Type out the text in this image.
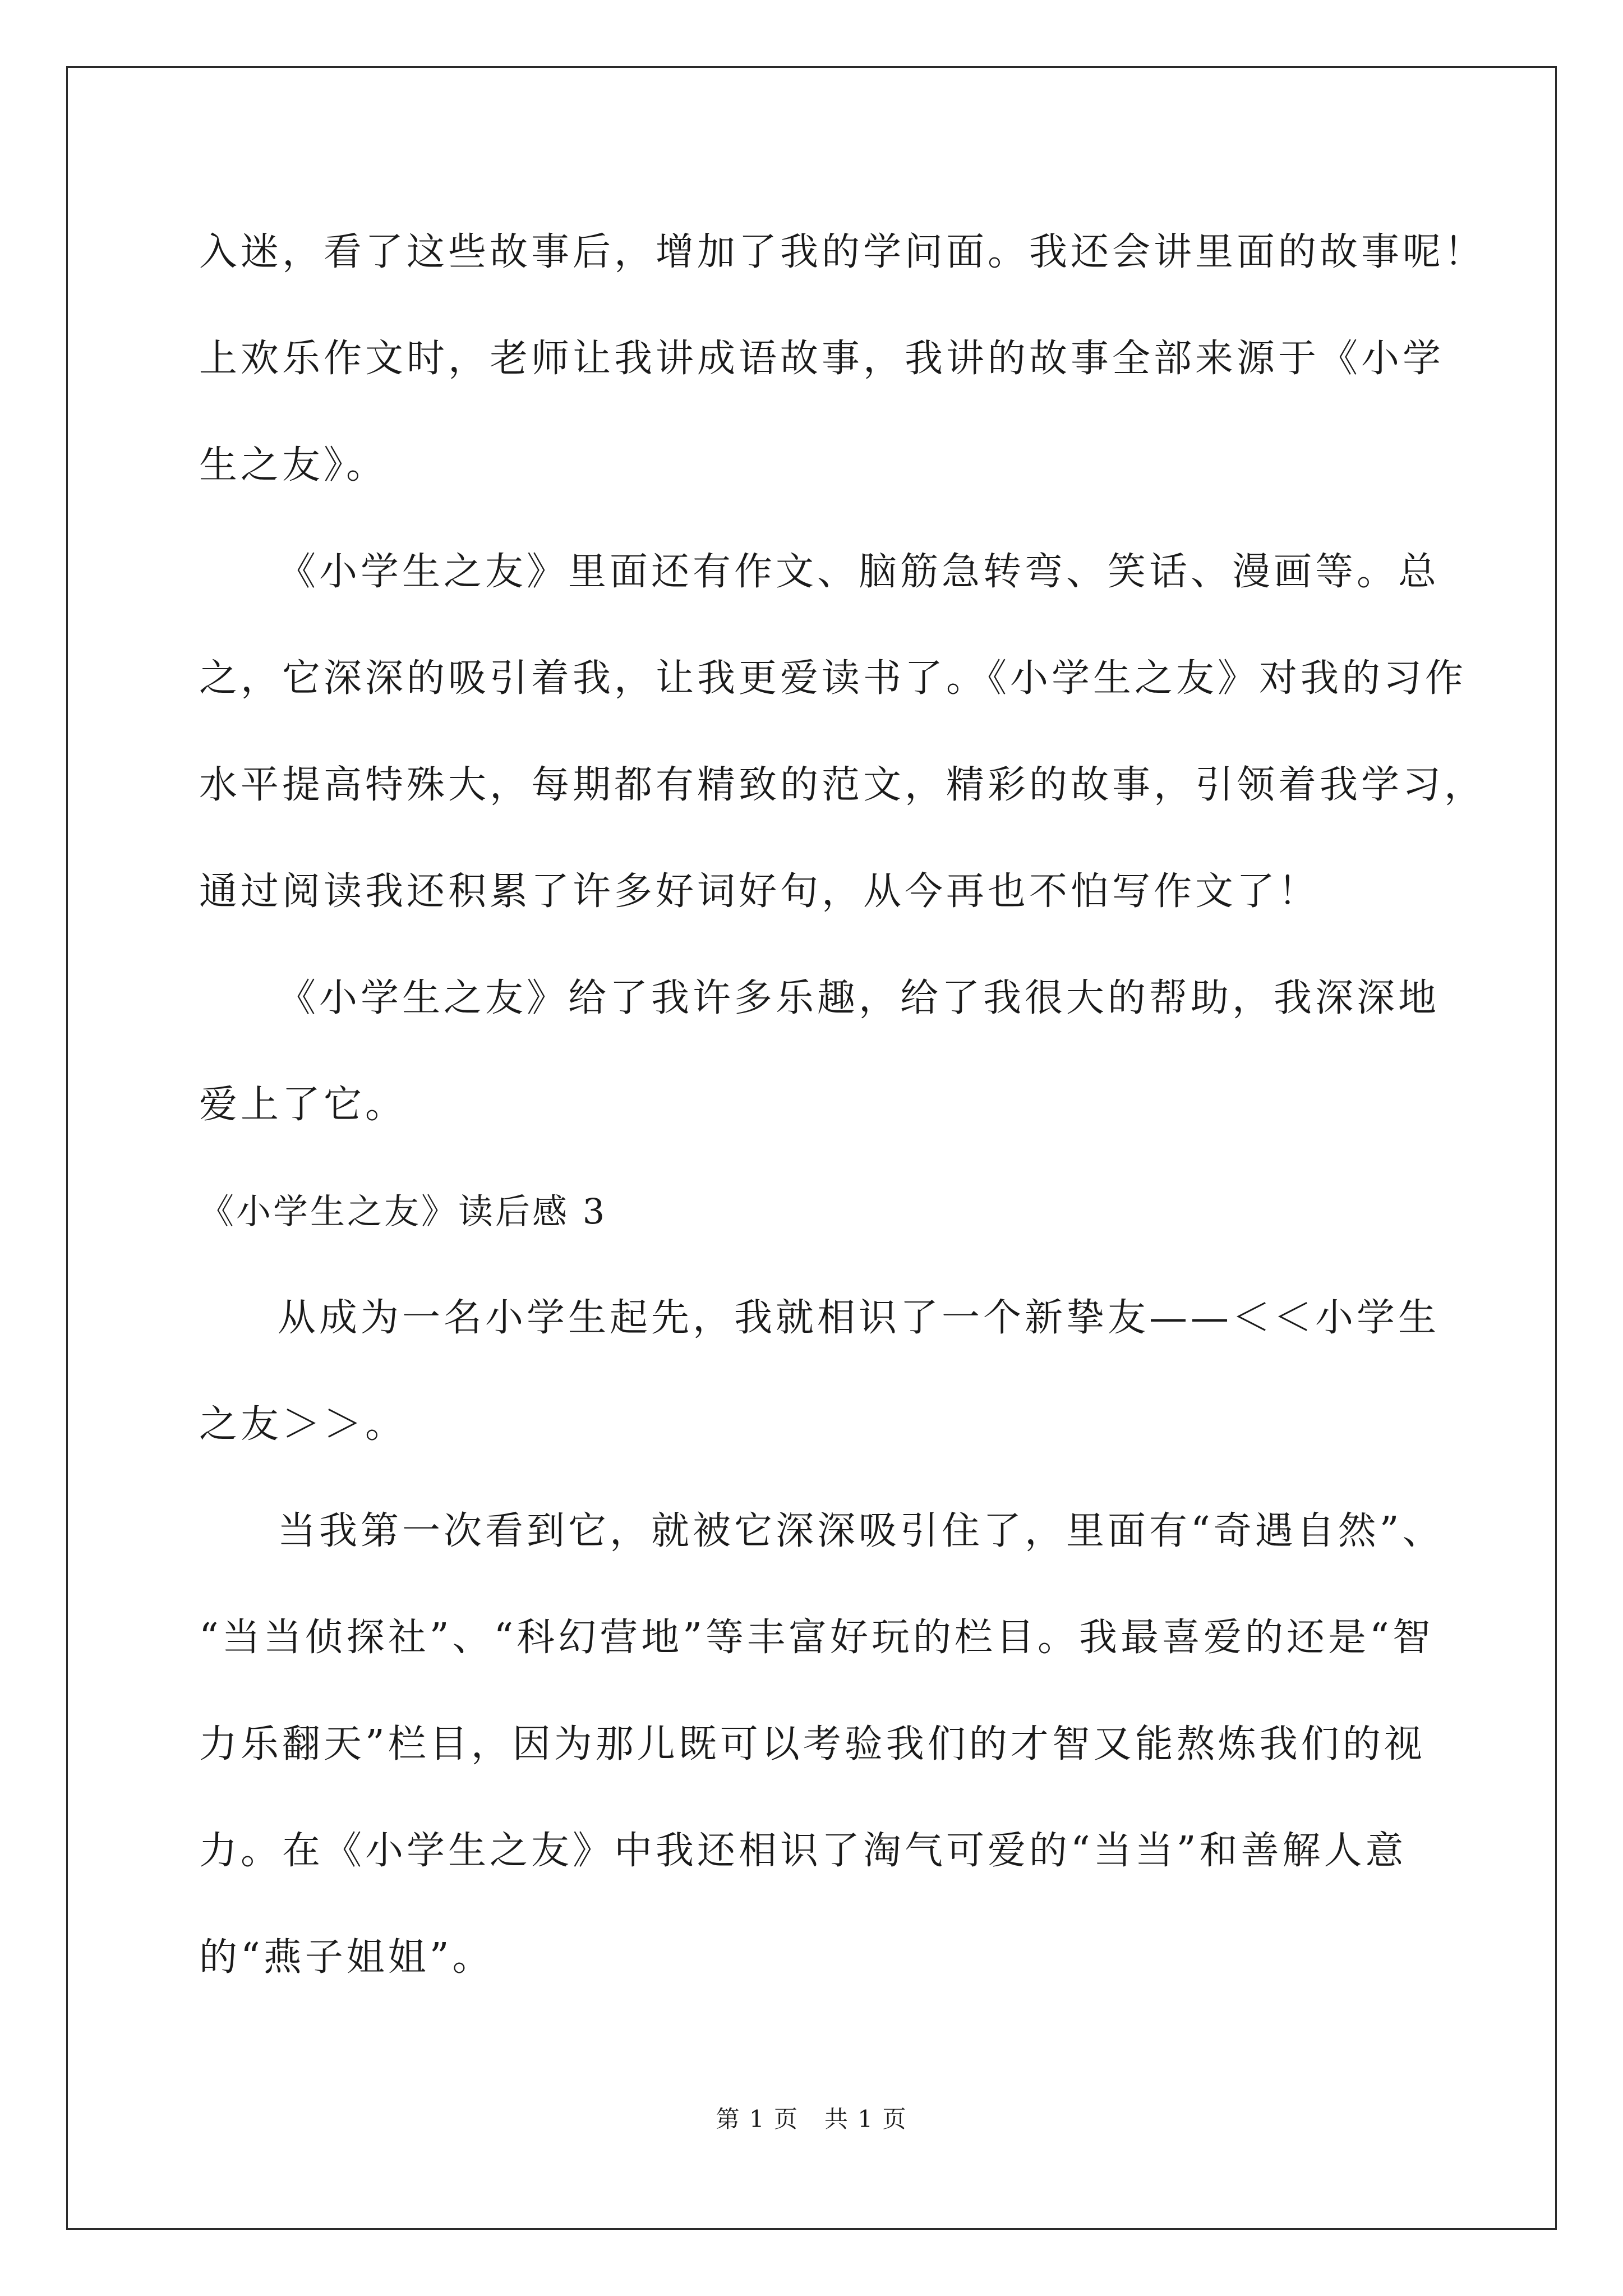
入迷，看了这些故事后，增加了我的学问面。我还会讲里面的故事呢！
上欢乐作文时，老师让我讲成语故事，我讲的故事全部来源于《小学
生之友》。
《小学生之友》里面还有作文、脑筋急转弯、笑话、漫画等。总
之，它深深的吸引着我，让我更爱读书了。《小学生之友》对我的习作
水平提高特殊大，每期都有精致的范文，精彩的故事，引领着我学习，
通过阅读我还积累了许多好词好句，从今再也不怕写作文了！
《小学生之友》给了我许多乐趣，给了我很大的帮助，我深深地
爱上了它。
《小学生之友》读后感 3
从成为一名小学生起先，我就相识了一个新挚友——＜＜小学生
之友＞＞。
当我第一次看到它，就被它深深吸引住了，里面有“奇遇自然”、
“当当侦探社”、“科幻营地”等丰富好玩的栏目。我最喜爱的还是“智
力乐翻天”栏目，因为那儿既可以考验我们的才智又能熬炼我们的视
力。在《小学生之友》中我还相识了淘气可爱的“当当”和善解人意
的“燕子姐姐”。
第 1 页   共 1 页
